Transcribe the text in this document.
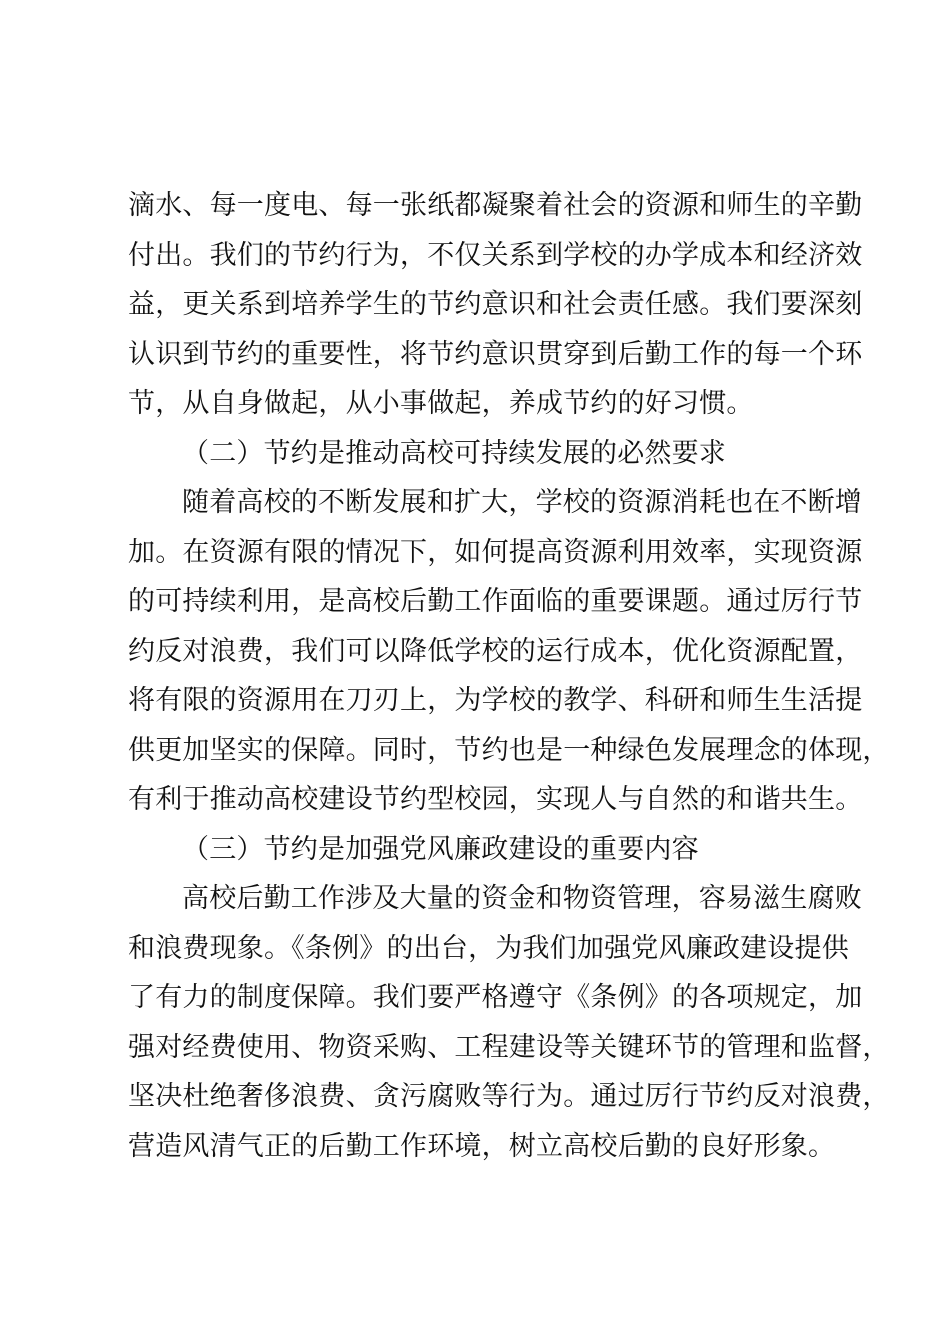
滴水、每一度电、每一张纸都凝聚着社会的资源和师生的辛勤
付出。我们的节约行为，不仅关系到学校的办学成本和经济效
益，更关系到培养学生的节约意识和社会责任感。我们要深刻
认识到节约的重要性，将节约意识贯穿到后勤工作的每一个环
节，从自身做起，从小事做起，养成节约的好习惯。
（二）节约是推动高校可持续发展的必然要求
随着高校的不断发展和扩大，学校的资源消耗也在不断增
加。在资源有限的情况下，如何提高资源利用效率，实现资源
的可持续利用，是高校后勤工作面临的重要课题。通过厉行节
约反对浪费，我们可以降低学校的运行成本，优化资源配置，
将有限的资源用在刀刃上，为学校的教学、科研和师生生活提
供更加坚实的保障。同时，节约也是一种绿色发展理念的体现，
有利于推动高校建设节约型校园，实现人与自然的和谐共生。
（三）节约是加强党风廉政建设的重要内容
高校后勤工作涉及大量的资金和物资管理，容易滋生腐败
和浪费现象。《条例》的出台，为我们加强党风廉政建设提供
了有力的制度保障。我们要严格遵守《条例》的各项规定，加
强对经费使用、物资采购、工程建设等关键环节的管理和监督，
坚决杜绝奢侈浪费、贪污腐败等行为。通过厉行节约反对浪费，
营造风清气正的后勤工作环境，树立高校后勤的良好形象。
